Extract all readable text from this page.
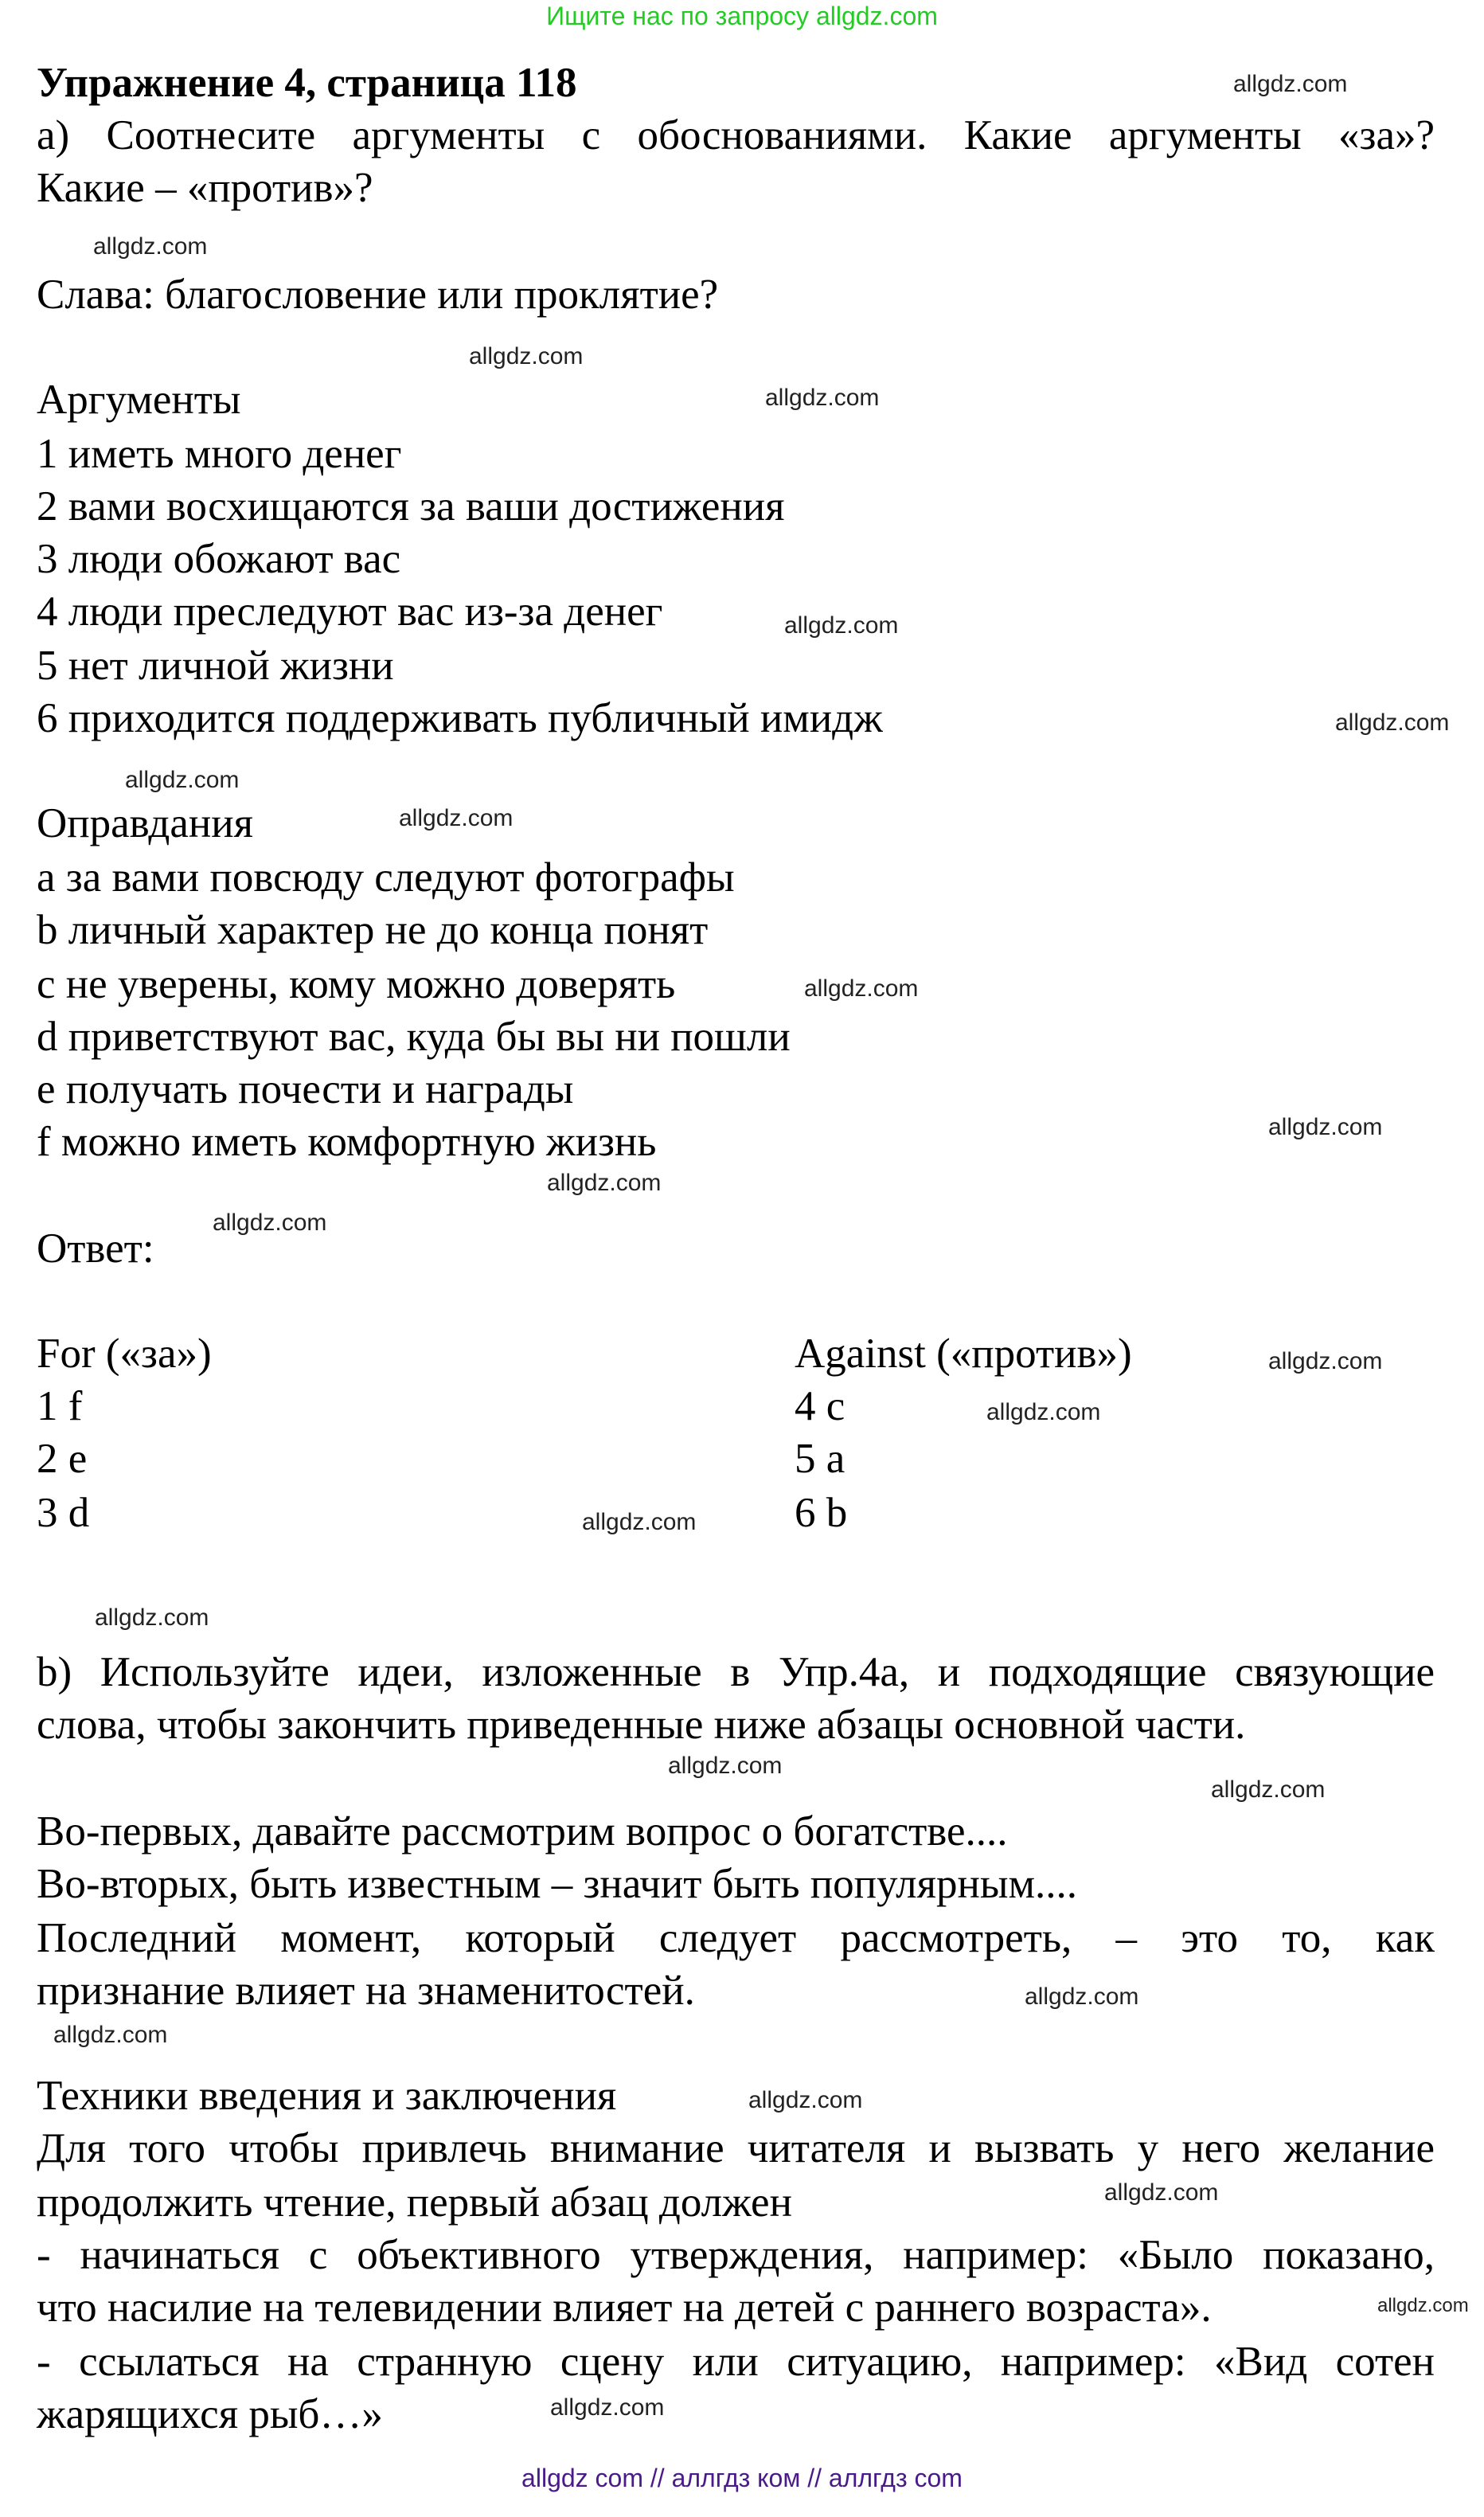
Ищите нас по запросу allgdz.com
Упражнение 4, страница 118
а) Соотнесите аргументы с обоснованиями. Какие аргументы «за»?
Какие – «против»?
Слава: благословение или проклятие?
Аргументы
1 иметь много денег
2 вами восхищаются за ваши достижения
3 люди обожают вас
4 люди преследуют вас из-за денег
5 нет личной жизни
6 приходится поддерживать публичный имидж
Оправдания
a за вами повсюду следуют фотографы
b личный характер не до конца понят
c не уверены, кому можно доверять
d приветствуют вас, куда бы вы ни пошли
e получать почести и награды
f можно иметь комфортную жизнь
Ответ:
For («за»)	Against («против»)
1 f	4 c
2 e	5 a
3 d	6 b
b) Используйте идеи, изложенные в Упр.4a, и подходящие связующие
слова, чтобы закончить приведенные ниже абзацы основной части.
Во-первых, давайте рассмотрим вопрос о богатстве....
Во-вторых, быть известным – значит быть популярным....
Последний момент, который следует рассмотреть, – это то, как
признание влияет на знаменитостей.
Техники введения и заключения
Для того чтобы привлечь внимание читателя и вызвать у него желание
продолжить чтение, первый абзац должен
- начинаться с объективного утверждения, например: «Было показано,
что насилие на телевидении влияет на детей с раннего возраста».
- ссылаться на странную сцену или ситуацию, например: «Вид сотен
жарящихся рыб…»
allgdz.com
allgdz.com
allgdz.com
allgdz.com
allgdz.com
allgdz.com
allgdz.com
allgdz.com
allgdz.com
allgdz.com
allgdz.com
allgdz.com
allgdz.com
allgdz.com
allgdz.com
allgdz.com
allgdz.com
allgdz.com
allgdz.com
allgdz.com
allgdz.com
allgdz.com
allgdz.com
allgdz.com
allgdz com // аллгдз ком // аллгдз com
